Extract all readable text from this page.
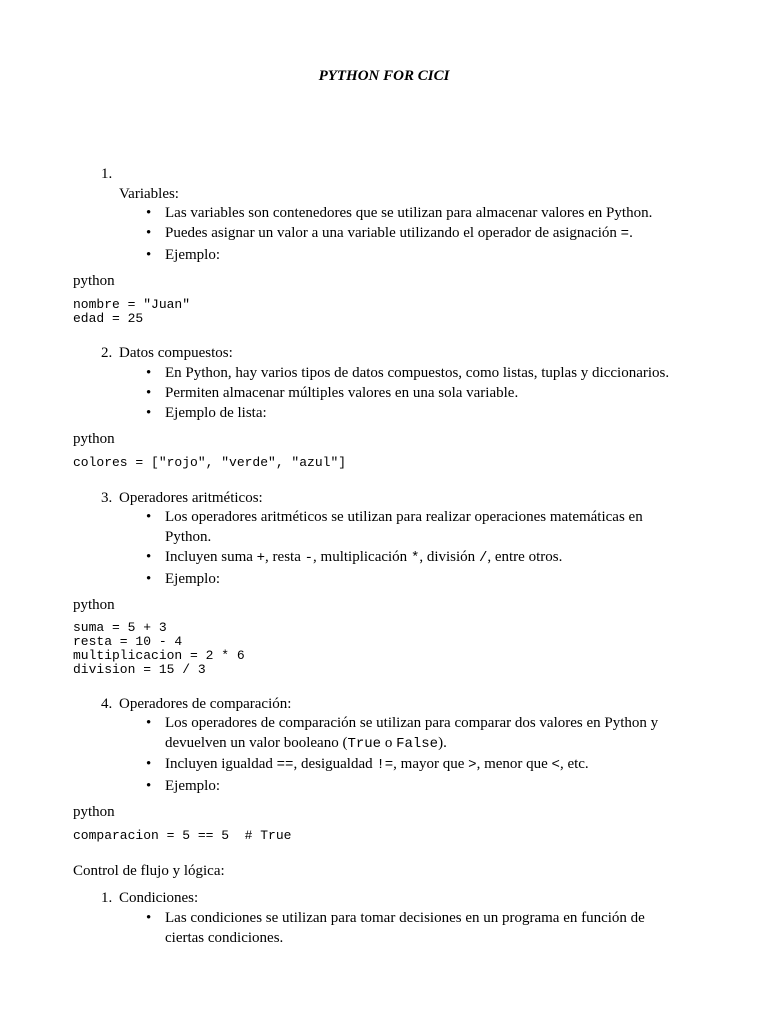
PYTHON FOR CICI
1.
Variables:
• Las variables son contenedores que se utilizan para almacenar valores en Python.
• Puedes asignar un valor a una variable utilizando el operador de asignación =.
• Ejemplo:
python
nombre = "Juan"
edad = 25
2. Datos compuestos:
• En Python, hay varios tipos de datos compuestos, como listas, tuplas y diccionarios.
• Permiten almacenar múltiples valores en una sola variable.
• Ejemplo de lista:
python
colores = ["rojo", "verde", "azul"]
3. Operadores aritméticos:
• Los operadores aritméticos se utilizan para realizar operaciones matemáticas en
Python.
• Incluyen suma +, resta -, multiplicación *, división /, entre otros.
• Ejemplo:
python
suma = 5 + 3
resta = 10 - 4
multiplicacion = 2 * 6
division = 15 / 3
4. Operadores de comparación:
• Los operadores de comparación se utilizan para comparar dos valores en Python y
devuelven un valor booleano (True o False).
• Incluyen igualdad ==, desigualdad !=, mayor que >, menor que <, etc.
• Ejemplo:
python
comparacion = 5 == 5  # True
Control de flujo y lógica:
1. Condiciones:
• Las condiciones se utilizan para tomar decisiones en un programa en función de
ciertas condiciones.
